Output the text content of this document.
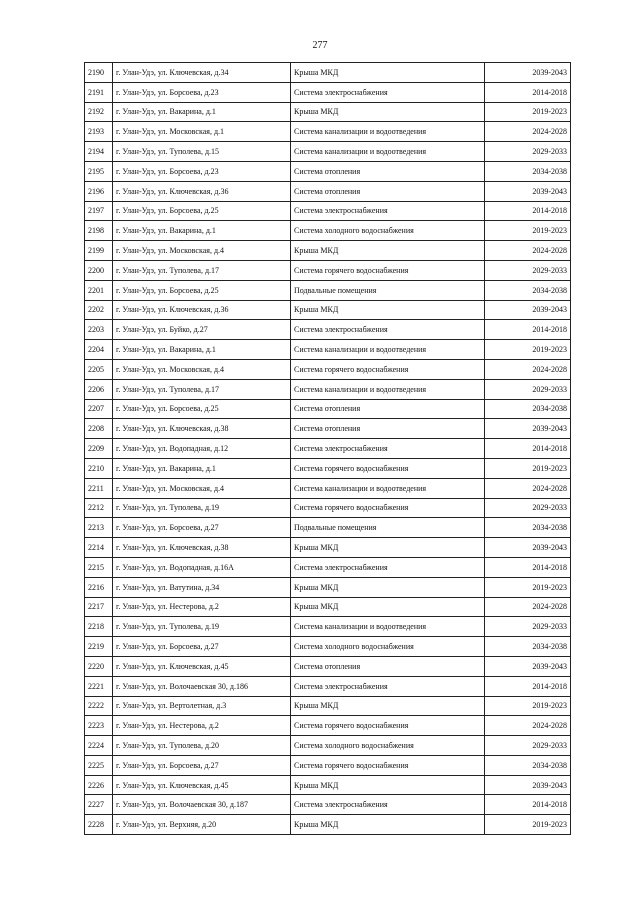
277
2190	г. Улан-Удэ, ул. Ключевская, д.34	Крыша МКД	2039-2043
2191	г. Улан-Удэ, ул. Борсоева, д.23	Система электроснабжения	2014-2018
2192	г. Улан-Удэ, ул. Вакарина, д.1	Крыша МКД	2019-2023
2193	г. Улан-Удэ, ул. Московская, д.1	Система канализации и водоотведения	2024-2028
2194	г. Улан-Удэ, ул. Туполева, д.15	Система канализации и водоотведения	2029-2033
2195	г. Улан-Удэ, ул. Борсоева, д.23	Система отопления	2034-2038
2196	г. Улан-Удэ, ул. Ключевская, д.36	Система отопления	2039-2043
2197	г. Улан-Удэ, ул. Борсоева, д.25	Система электроснабжения	2014-2018
2198	г. Улан-Удэ, ул. Вакарина, д.1	Система холодного водоснабжения	2019-2023
2199	г. Улан-Удэ, ул. Московская, д.4	Крыша МКД	2024-2028
2200	г. Улан-Удэ, ул. Туполева, д.17	Система горячего водоснабжения	2029-2033
2201	г. Улан-Удэ, ул. Борсоева, д.25	Подвальные помещения	2034-2038
2202	г. Улан-Удэ, ул. Ключевская, д.36	Крыша МКД	2039-2043
2203	г. Улан-Удэ, ул. Буйко, д.27	Система электроснабжения	2014-2018
2204	г. Улан-Удэ, ул. Вакарина, д.1	Система канализации и водоотведения	2019-2023
2205	г. Улан-Удэ, ул. Московская, д.4	Система горячего водоснабжения	2024-2028
2206	г. Улан-Удэ, ул. Туполева, д.17	Система канализации и водоотведения	2029-2033
2207	г. Улан-Удэ, ул. Борсоева, д.25	Система отопления	2034-2038
2208	г. Улан-Удэ, ул. Ключевская, д.38	Система отопления	2039-2043
2209	г. Улан-Удэ, ул. Водопадная, д.12	Система электроснабжения	2014-2018
2210	г. Улан-Удэ, ул. Вакарина, д.1	Система горячего водоснабжения	2019-2023
2211	г. Улан-Удэ, ул. Московская, д.4	Система канализации и водоотведения	2024-2028
2212	г. Улан-Удэ, ул. Туполева, д.19	Система горячего водоснабжения	2029-2033
2213	г. Улан-Удэ, ул. Борсоева, д.27	Подвальные помещения	2034-2038
2214	г. Улан-Удэ, ул. Ключевская, д.38	Крыша МКД	2039-2043
2215	г. Улан-Удэ, ул. Водопадная, д.16А	Система электроснабжения	2014-2018
2216	г. Улан-Удэ, ул. Ватутина, д.34	Крыша МКД	2019-2023
2217	г. Улан-Удэ, ул. Нестерова, д.2	Крыша МКД	2024-2028
2218	г. Улан-Удэ, ул. Туполева, д.19	Система канализации и водоотведения	2029-2033
2219	г. Улан-Удэ, ул. Борсоева, д.27	Система холодного водоснабжения	2034-2038
2220	г. Улан-Удэ, ул. Ключевская, д.45	Система отопления	2039-2043
2221	г. Улан-Удэ, ул. Волочаевская 30, д.186	Система электроснабжения	2014-2018
2222	г. Улан-Удэ, ул. Вертолетная, д.3	Крыша МКД	2019-2023
2223	г. Улан-Удэ, ул. Нестерова, д.2	Система горячего водоснабжения	2024-2028
2224	г. Улан-Удэ, ул. Туполева, д.20	Система холодного водоснабжения	2029-2033
2225	г. Улан-Удэ, ул. Борсоева, д.27	Система горячего водоснабжения	2034-2038
2226	г. Улан-Удэ, ул. Ключевская, д.45	Крыша МКД	2039-2043
2227	г. Улан-Удэ, ул. Волочаевская 30, д.187	Система электроснабжения	2014-2018
2228	г. Улан-Удэ, ул. Верхняя, д.20	Крыша МКД	2019-2023
